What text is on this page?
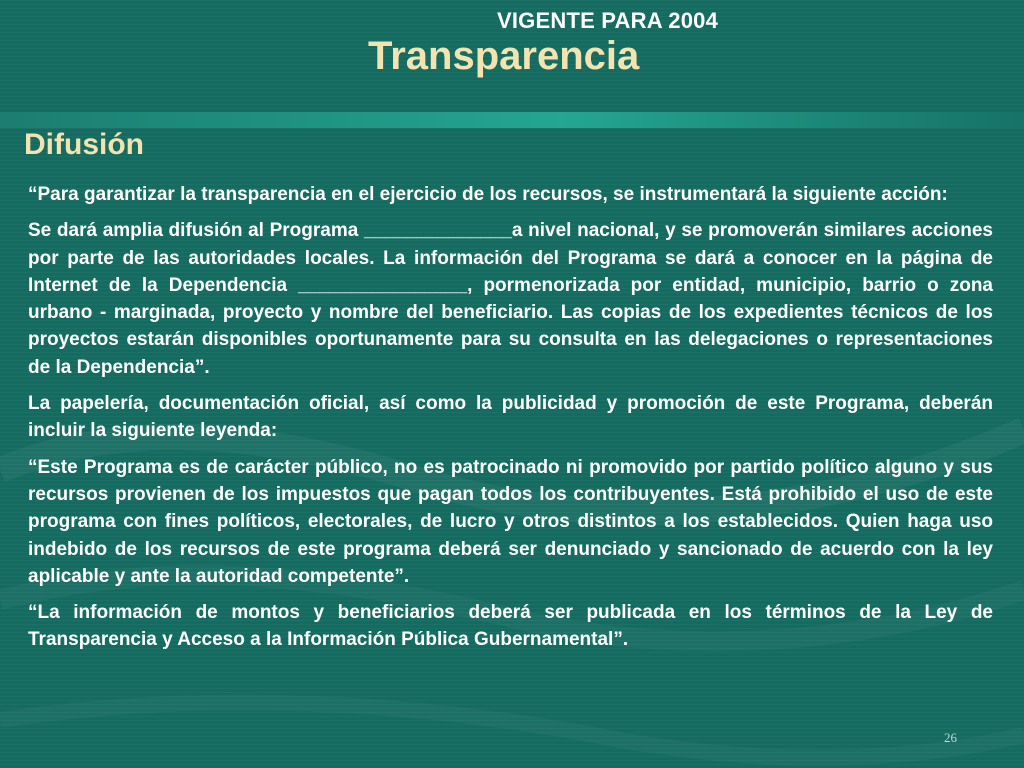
VIGENTE PARA 2004
Transparencia
Difusión

“Para garantizar la transparencia en el ejercicio de los recursos, se instrumentará la siguiente acción:

Se dará amplia difusión al Programa ______________a nivel nacional, y se promoverán similares acciones por parte de las autoridades locales. La información del Programa se dará a conocer en la página de Internet de la Dependencia ________________, pormenorizada por entidad, municipio, barrio o zona urbano - marginada, proyecto y nombre del beneficiario. Las copias de los expedientes técnicos de los proyectos estarán disponibles oportunamente para su consulta en las delegaciones o representaciones de la Dependencia”.

La papelería, documentación oficial, así como la publicidad y promoción de este Programa, deberán incluir la siguiente leyenda:

“Este Programa es de carácter público, no es patrocinado ni promovido por partido político alguno y sus recursos provienen de los impuestos que pagan todos los contribuyentes. Está prohibido el uso de este programa con fines políticos, electorales, de lucro y otros distintos a los establecidos. Quien haga uso indebido de los recursos de este programa deberá ser denunciado y sancionado de acuerdo con la ley aplicable y ante la autoridad competente”.

“La información de montos y beneficiarios deberá ser publicada en los términos de la Ley de Transparencia y Acceso a la Información Pública Gubernamental”.

26
